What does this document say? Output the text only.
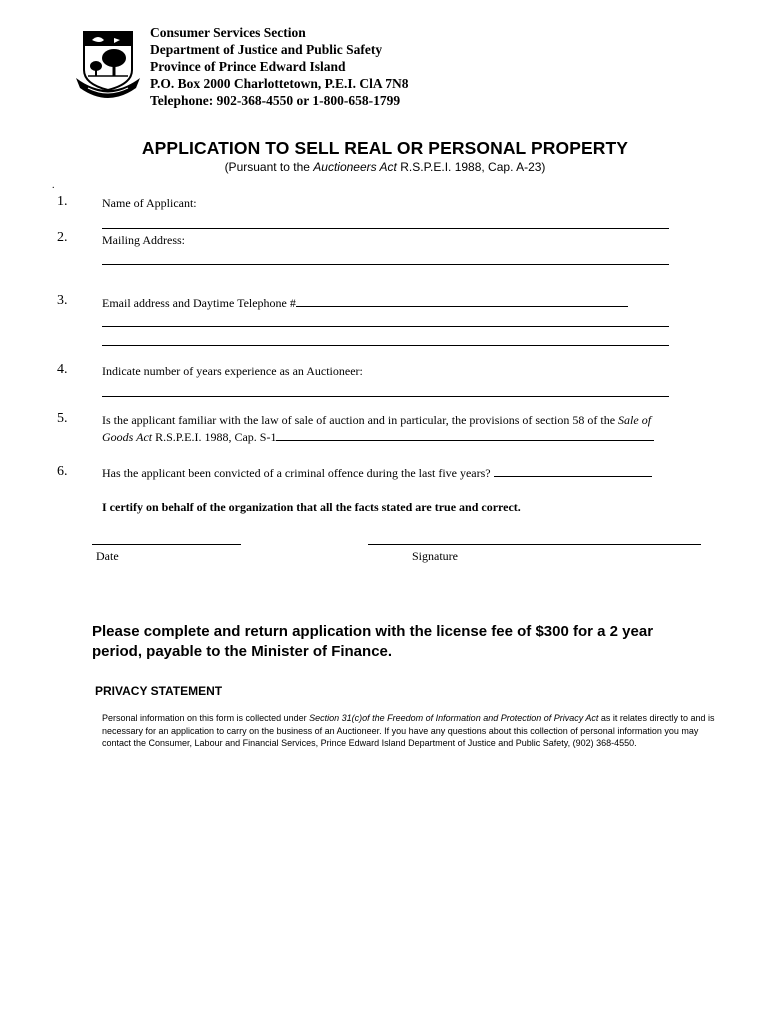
Consumer Services Section
Department of Justice and Public Safety
Province of Prince Edward Island
P.O. Box 2000 Charlottetown, P.E.I. ClA 7N8
Telephone: 902-368-4550 or 1-800-658-1799
APPLICATION TO SELL REAL OR PERSONAL PROPERTY
(Pursuant to the Auctioneers Act R.S.P.E.I. 1988, Cap. A-23)
.
1.	Name of Applicant:
2.	Mailing Address:
3.	Email address and Daytime Telephone #
4.	Indicate number of years experience as an Auctioneer:
5.	Is the applicant familiar with the law of sale of auction and in particular, the provisions of section 58 of the Sale of
Goods Act R.S.P.E.I. 1988, Cap. S-1
6.	Has the applicant been convicted of a criminal offence during the last five years?
I certify on behalf of the organization that all the facts stated are true and correct.
Date	Signature
Please complete and return application with the license fee of $300 for a 2 year period, payable to the Minister of Finance.
PRIVACY STATEMENT
Personal information on this form is collected under Section 31(c)of the Freedom of Information and Protection of Privacy Act as it relates directly to and is necessary for an application to carry on the business of an Auctioneer. If you have any questions about this collection of personal information you may contact the Consumer, Labour and Financial Services, Prince Edward Island Department of Justice and Public Safety, (902) 368-4550.
